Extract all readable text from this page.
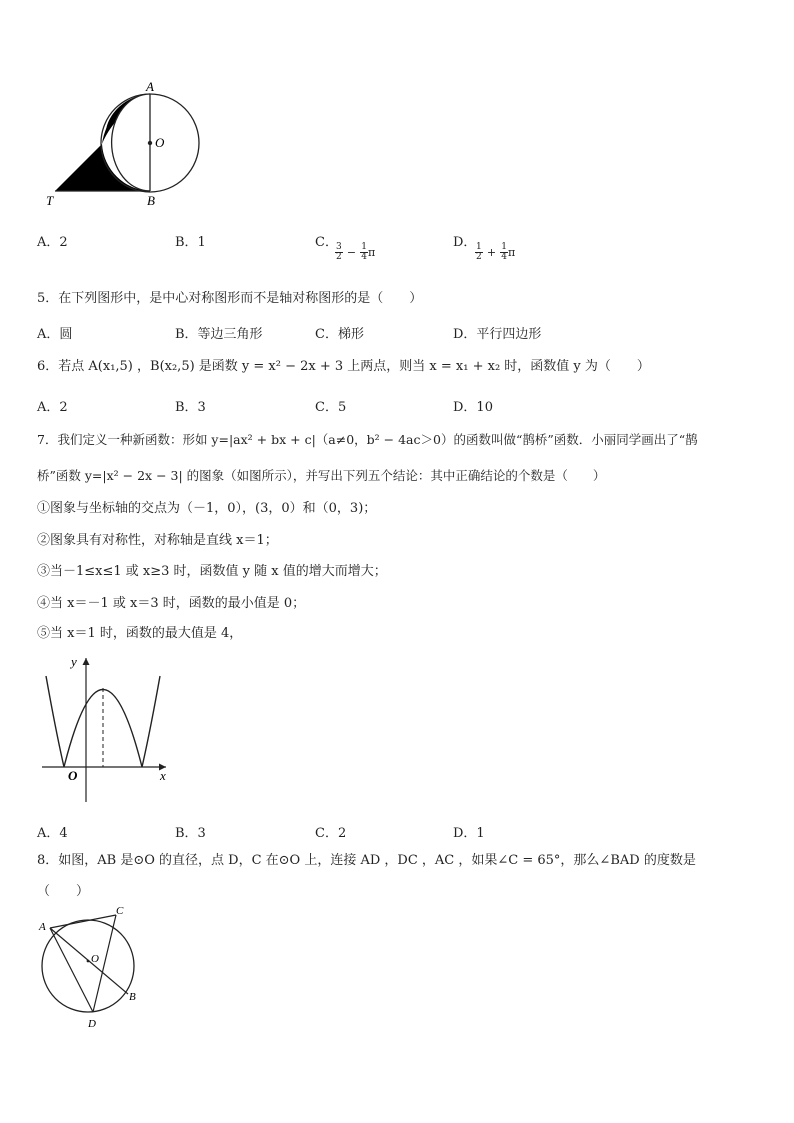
A
O
T	B
A．2	B．1	C．
$\frac{3}{2} - \frac{1}{4}$ π
D．
$\frac{1}{2} + \frac{1}{4}$ π
5．在下列图形中，是中心对称图形而不是轴对称图形的是（　　）
A．圆	B．等边三角形	C．梯形	D．平行四边形
6．若点 A(x₁,5) ，B(x₂,5) 是函数 y = x² − 2x + 3 上两点，则当 x = x₁ + x₂ 时，函数值 y 为（　　）
A．2	B．3	C．5	D．10
7．我们定义一种新函数：形如 y=|ax² + bx + c|（a≠0，b² − 4ac＞0）的函数叫做“鹊桥”函数．小丽同学画出了“鹊
桥”函数 y=|x² − 2x − 3| 的图象（如图所示），并写出下列五个结论：其中正确结论的个数是（　　）
①图象与坐标轴的交点为（－1，0），(3，0）和（0，3)；
②图象具有对称性，对称轴是直线 x＝1；
③当－1≤x≤1 或 x≥3 时，函数值 y 随 x 值的增大而增大；
④当 x＝－1 或 x＝3 时，函数的最小值是 0；
⑤当 x＝1 时，函数的最大值是 4，
y
x
O
A．4	B．3	C．2	D．1
8．如图，AB 是⊙O 的直径，点 D，C 在⊙O 上，连接 AD ，DC ，AC ，如果∠C = 65°，那么∠BAD 的度数是
（　　）
A
C
O
B
D
